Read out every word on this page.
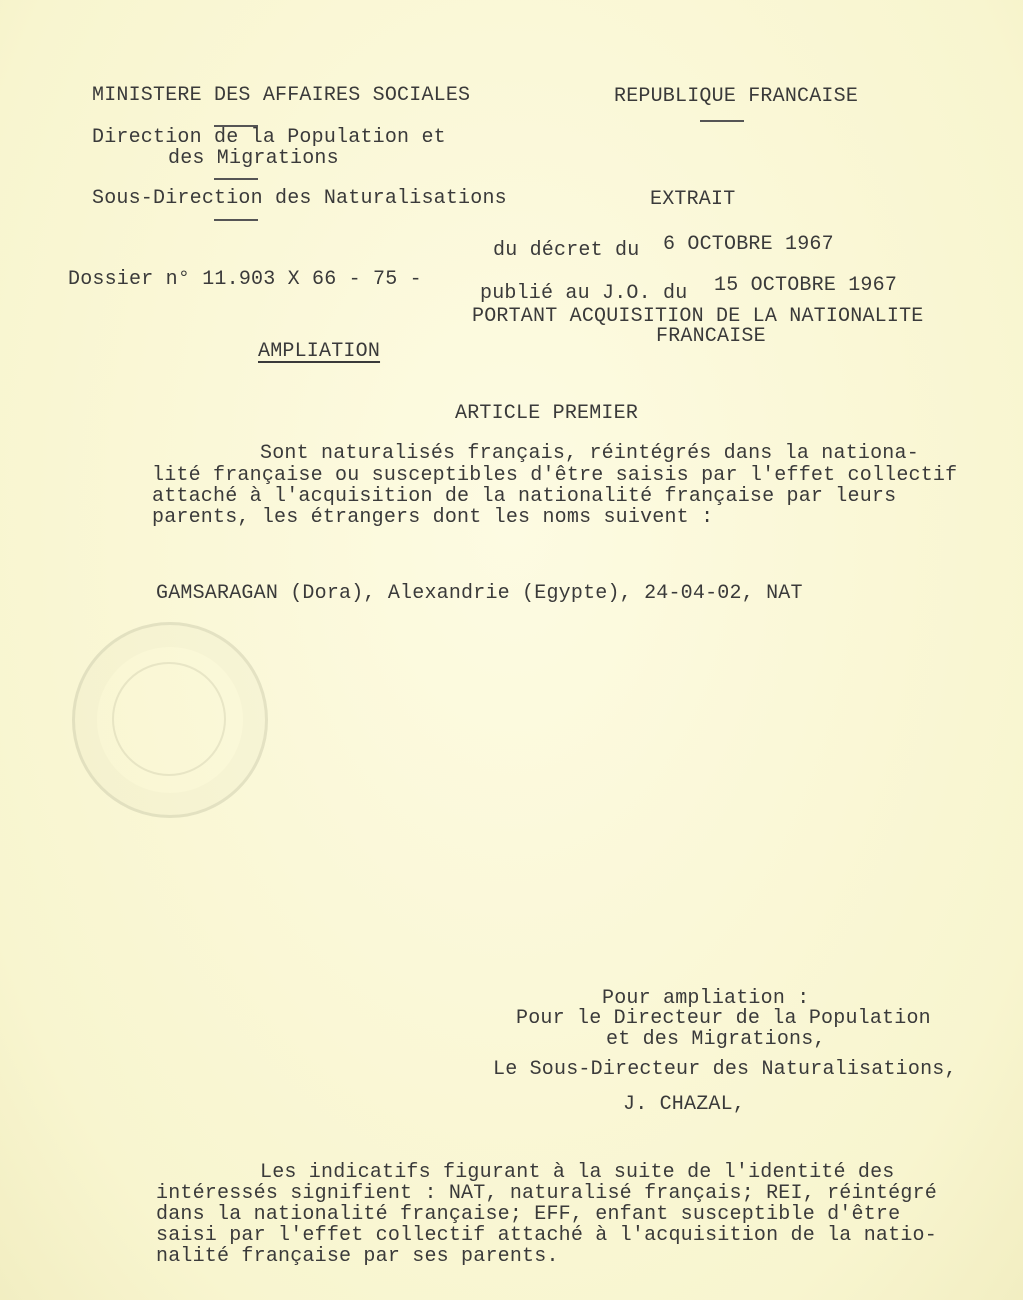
MINISTERE DES AFFAIRES SOCIALES
Direction de la Population et
des Migrations
Sous-Direction des Naturalisations
REPUBLIQUE FRANCAISE
EXTRAIT
du décret du 6 OCTOBRE 1967
Dossier n° 11.903 X 66 - 75 -
publié au J.O. du 15 OCTOBRE 1967
PORTANT ACQUISITION DE LA NATIONALITE
FRANCAISE
AMPLIATION
ARTICLE PREMIER
Sont naturalisés français, réintégrés dans la nationa-
lité française ou susceptibles d'être saisis par l'effet collectif
attaché à l'acquisition de la nationalité française par leurs
parents, les étrangers dont les noms suivent :
GAMSARAGAN (Dora), Alexandrie (Egypte), 24-04-02, NAT
Pour ampliation :
Pour le Directeur de la Population
et des Migrations,
Le Sous-Directeur des Naturalisations,
J. CHAZAL,
Les indicatifs figurant à la suite de l'identité des
intéressés signifient : NAT, naturalisé français; REI, réintégré
dans la nationalité française; EFF, enfant susceptible d'être
saisi par l'effet collectif attaché à l'acquisition de la natio-
nalité française par ses parents.
